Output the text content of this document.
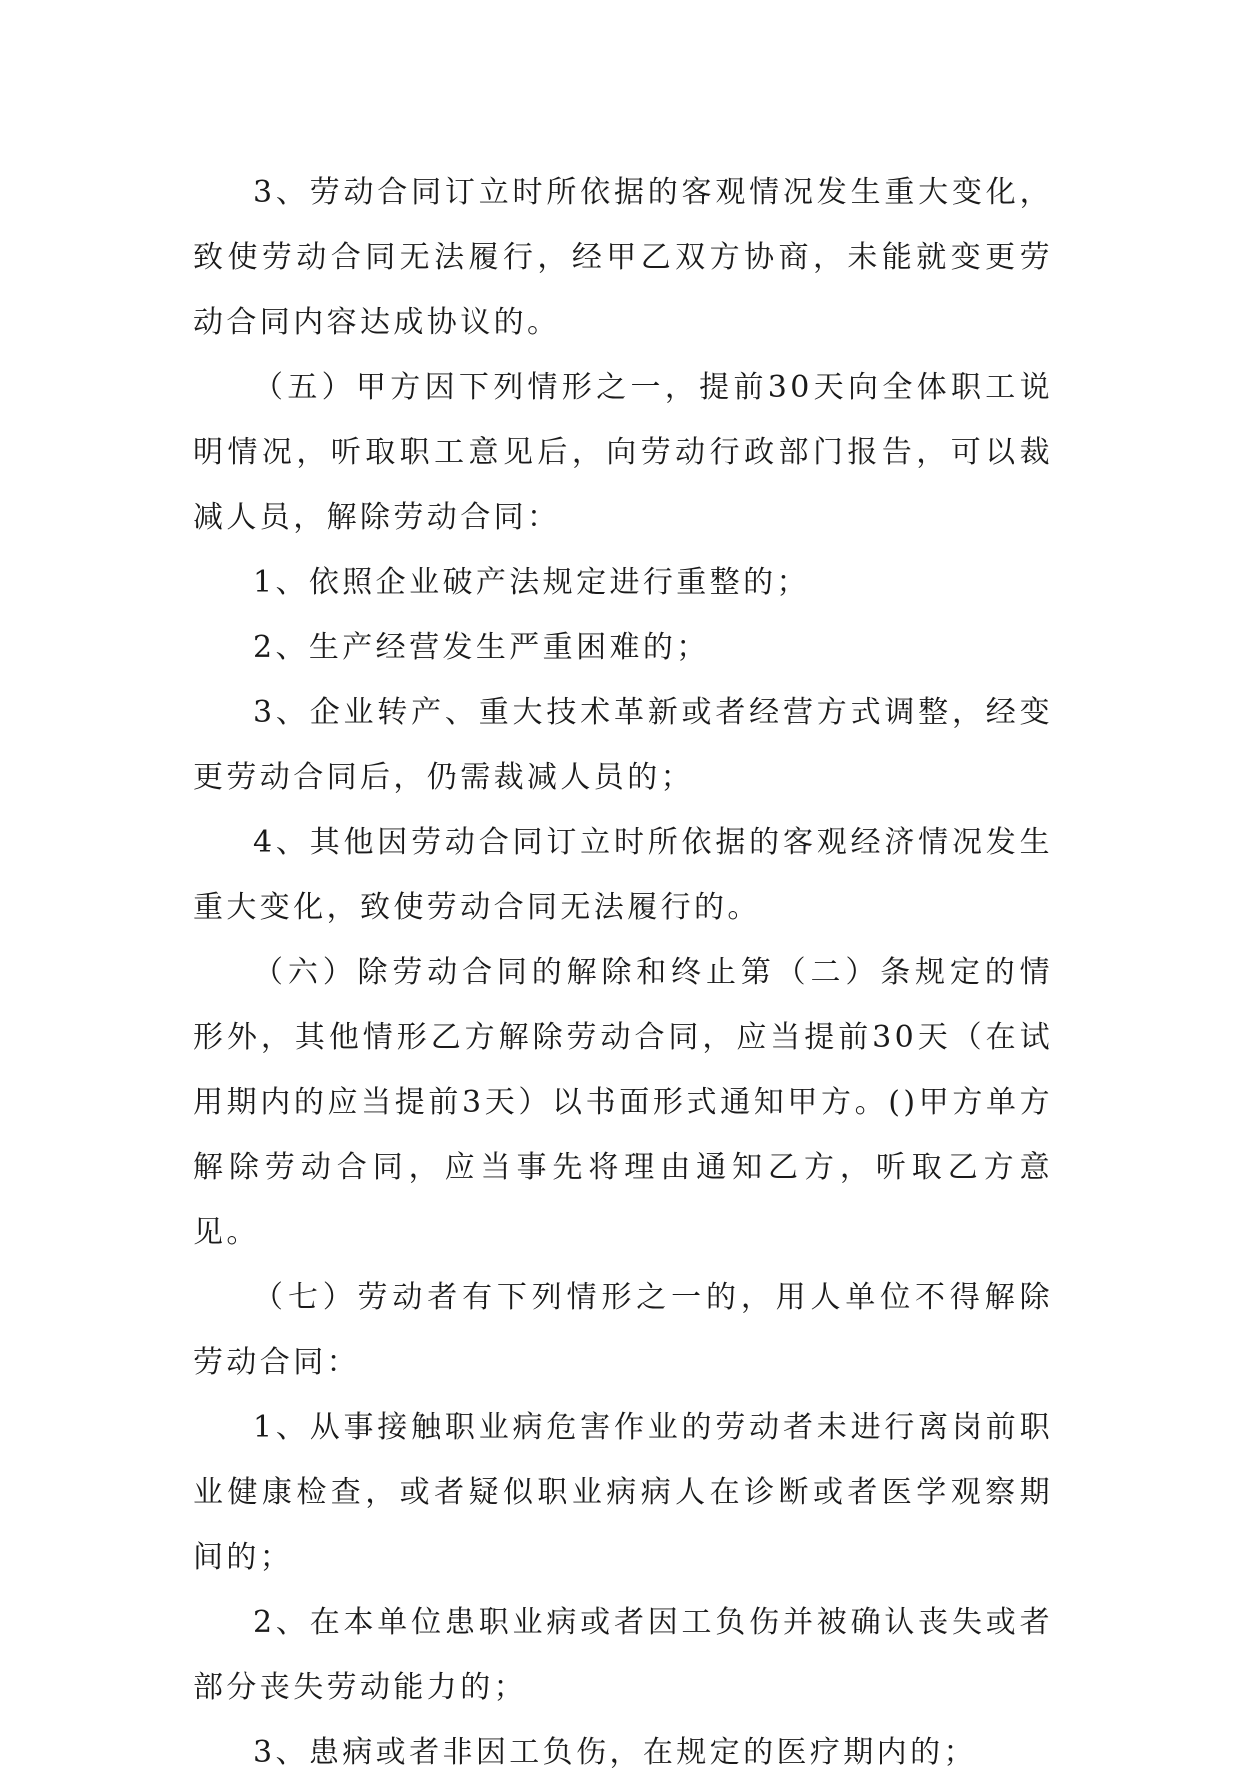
3、劳动合同订立时所依据的客观情况发生重大变化，致使劳动合同无法履行，经甲乙双方协商，未能就变更劳动合同内容达成协议的。

（五）甲方因下列情形之一，提前30天向全体职工说明情况，听取职工意见后，向劳动行政部门报告，可以裁减人员，解除劳动合同：

1、依照企业破产法规定进行重整的；

2、生产经营发生严重困难的；

3、企业转产、重大技术革新或者经营方式调整，经变更劳动合同后，仍需裁减人员的；

4、其他因劳动合同订立时所依据的客观经济情况发生重大变化，致使劳动合同无法履行的。

（六）除劳动合同的解除和终止第（二）条规定的情形外，其他情形乙方解除劳动合同，应当提前30天（在试用期内的应当提前3天）以书面形式通知甲方。()甲方单方解除劳动合同，应当事先将理由通知乙方，听取乙方意见。

（七）劳动者有下列情形之一的，用人单位不得解除劳动合同：

1、从事接触职业病危害作业的劳动者未进行离岗前职业健康检查，或者疑似职业病病人在诊断或者医学观察期间的；

2、在本单位患职业病或者因工负伤并被确认丧失或者部分丧失劳动能力的；

3、患病或者非因工负伤，在规定的医疗期内的；
